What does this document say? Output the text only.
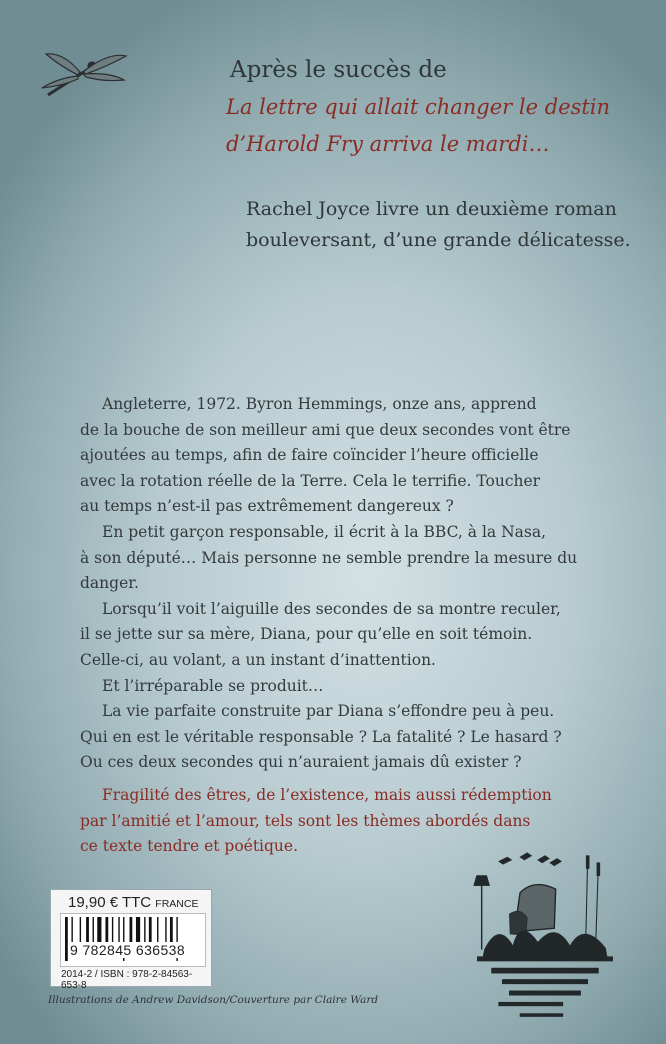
Après le succès de
La lettre qui allait changer le destin
d’Harold Fry arriva le mardi…
Rachel Joyce livre un deuxième roman
bouleversant, d’une grande délicatesse.
Angleterre, 1972. Byron Hemmings, onze ans, apprend
de la bouche de son meilleur ami que deux secondes vont être
ajoutées au temps, afin de faire coïncider l’heure officielle
avec la rotation réelle de la Terre. Cela le terrifie. Toucher
au temps n’est-il pas extrêmement dangereux ?
En petit garçon responsable, il écrit à la BBC, à la Nasa,
à son député… Mais personne ne semble prendre la mesure du
danger.
Lorsqu’il voit l’aiguille des secondes de sa montre reculer,
il se jette sur sa mère, Diana, pour qu’elle en soit témoin.
Celle-ci, au volant, a un instant d’inattention.
Et l’irréparable se produit…
La vie parfaite construite par Diana s’effondre peu à peu.
Qui en est le véritable responsable ? La fatalité ? Le hasard ?
Ou ces deux secondes qui n’auraient jamais dû exister ?
Fragilité des êtres, de l’existence, mais aussi rédemption
par l’amitié et l’amour, tels sont les thèmes abordés dans
ce texte tendre et poétique.
19,90 € TTC FRANCE
9 782845 636538
2014-2 / ISBN : 978-2-84563-653-8
Illustrations de Andrew Davidson/Couverture par Claire Ward
